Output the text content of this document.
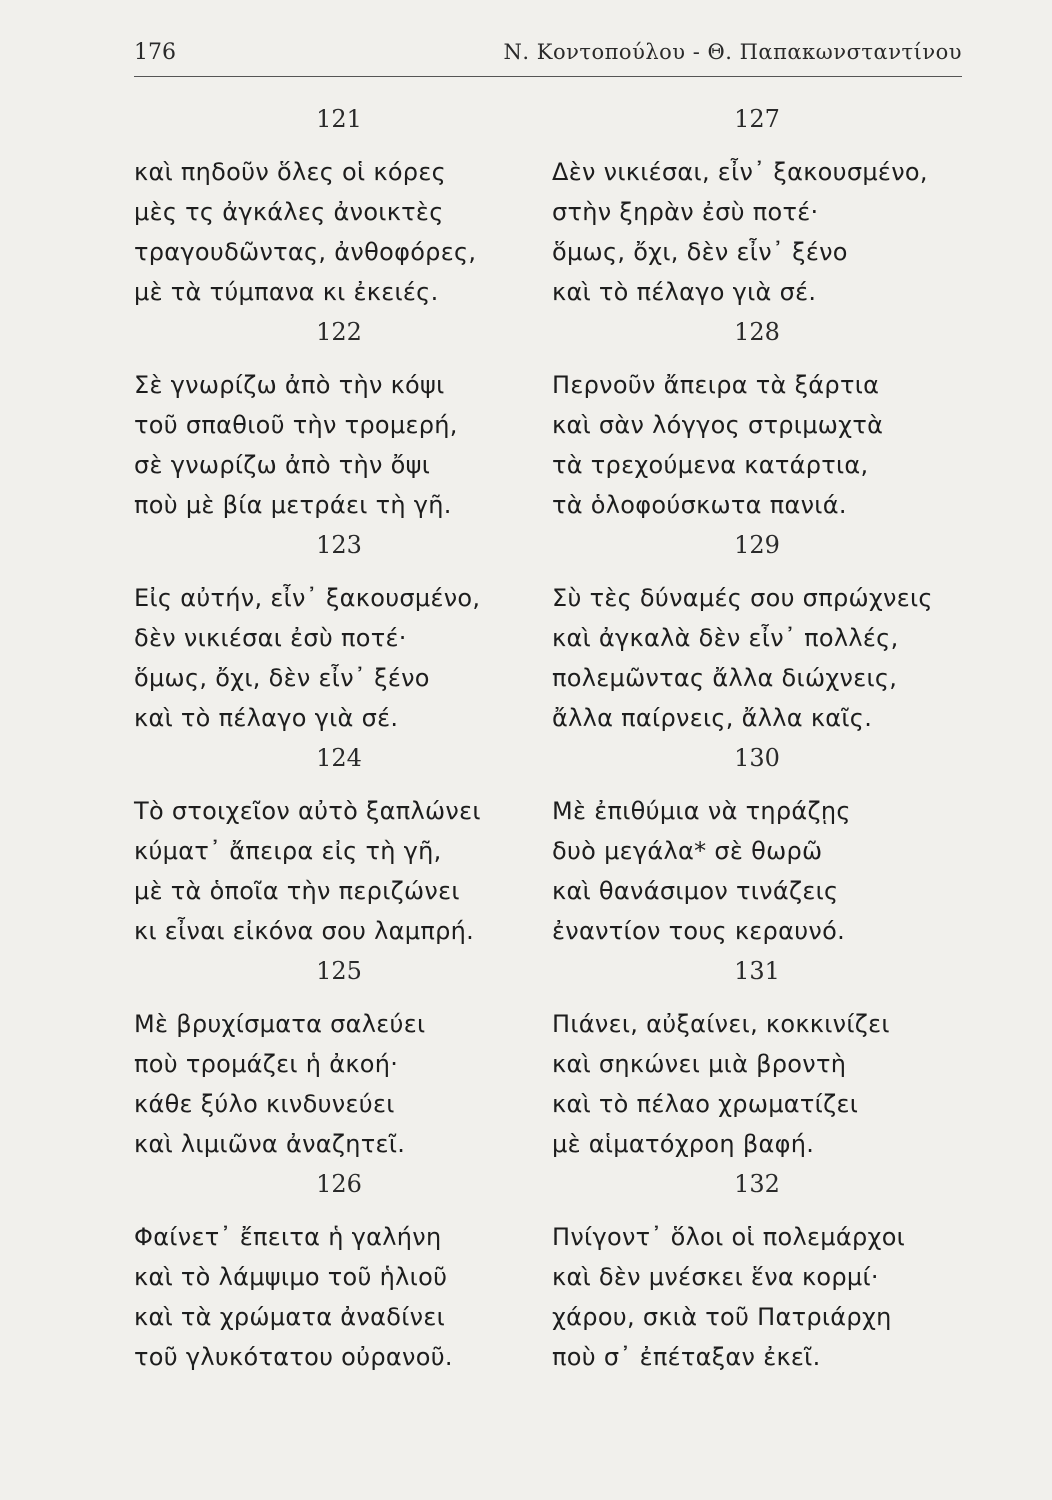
176	Ν. Κοντοπούλου - Θ. Παπακωνσταντίνου
121
καὶ πηδοῦν ὅλες οἱ κόρες
μὲς τς ἀγκάλες ἀνοικτὲς
τραγουδῶντας, ἀνθοφόρες,
μὲ τὰ τύμπανα κι ἐκειές.
122
Σὲ γνωρίζω ἀπὸ τὴν κόψι
τοῦ σπαθιοῦ τὴν τρομερή,
σὲ γνωρίζω ἀπὸ τὴν ὄψι
ποὺ μὲ βία μετράει τὴ γῆ.
123
Εἰς αὐτήν, εἶν᾽ ξακουσμένο,
δὲν νικιέσαι ἐσὺ ποτέ·
ὅμως, ὄχι, δὲν εἶν᾽ ξένο
καὶ τὸ πέλαγο γιὰ σέ.
124
Τὸ στοιχεῖον αὐτὸ ξαπλώνει
κύματ᾽ ἄπειρα εἰς τὴ γῆ,
μὲ τὰ ὁποῖα τὴν περιζώνει
κι εἶναι εἰκόνα σου λαμπρή.
125
Μὲ βρυχίσματα σαλεύει
ποὺ τρομάζει ἡ ἀκοή·
κάθε ξύλο κινδυνεύει
καὶ λιμιῶνα ἀναζητεῖ.
126
Φαίνετ᾽ ἔπειτα ἡ γαλήνη
καὶ τὸ λάμψιμο τοῦ ἡλιοῦ
καὶ τὰ χρώματα ἀναδίνει
τοῦ γλυκότατου οὐρανοῦ.
127
Δὲν νικιέσαι, εἶν᾽ ξακουσμένο,
στὴν ξηρὰν ἐσὺ ποτέ·
ὅμως, ὄχι, δὲν εἶν᾽ ξένο
καὶ τὸ πέλαγο γιὰ σέ.
128
Περνοῦν ἄπειρα τὰ ξάρτια
καὶ σὰν λόγγος στριμωχτὰ
τὰ τρεχούμενα κατάρτια,
τὰ ὁλοφούσκωτα πανιά.
129
Σὺ τὲς δύναμές σου σπρώχνεις
καὶ ἀγκαλὰ δὲν εἶν᾽ πολλές,
πολεμῶντας ἄλλα διώχνεις,
ἄλλα παίρνεις, ἄλλα καῖς.
130
Μὲ ἐπιθύμια νὰ τηράζῃς
δυὸ μεγάλα* σὲ θωρῶ
καὶ θανάσιμον τινάζεις
ἐναντίον τους κεραυνό.
131
Πιάνει, αὐξαίνει, κοκκινίζει
καὶ σηκώνει μιὰ βροντὴ
καὶ τὸ πέλαο χρωματίζει
μὲ αἱματόχροη βαφή.
132
Πνίγοντ᾽ ὅλοι οἱ πολεμάρχοι
καὶ δὲν μνέσκει ἕνα κορμί·
χάρου, σκιὰ τοῦ Πατριάρχη
ποὺ σ᾽ ἐπέταξαν ἐκεῖ.
